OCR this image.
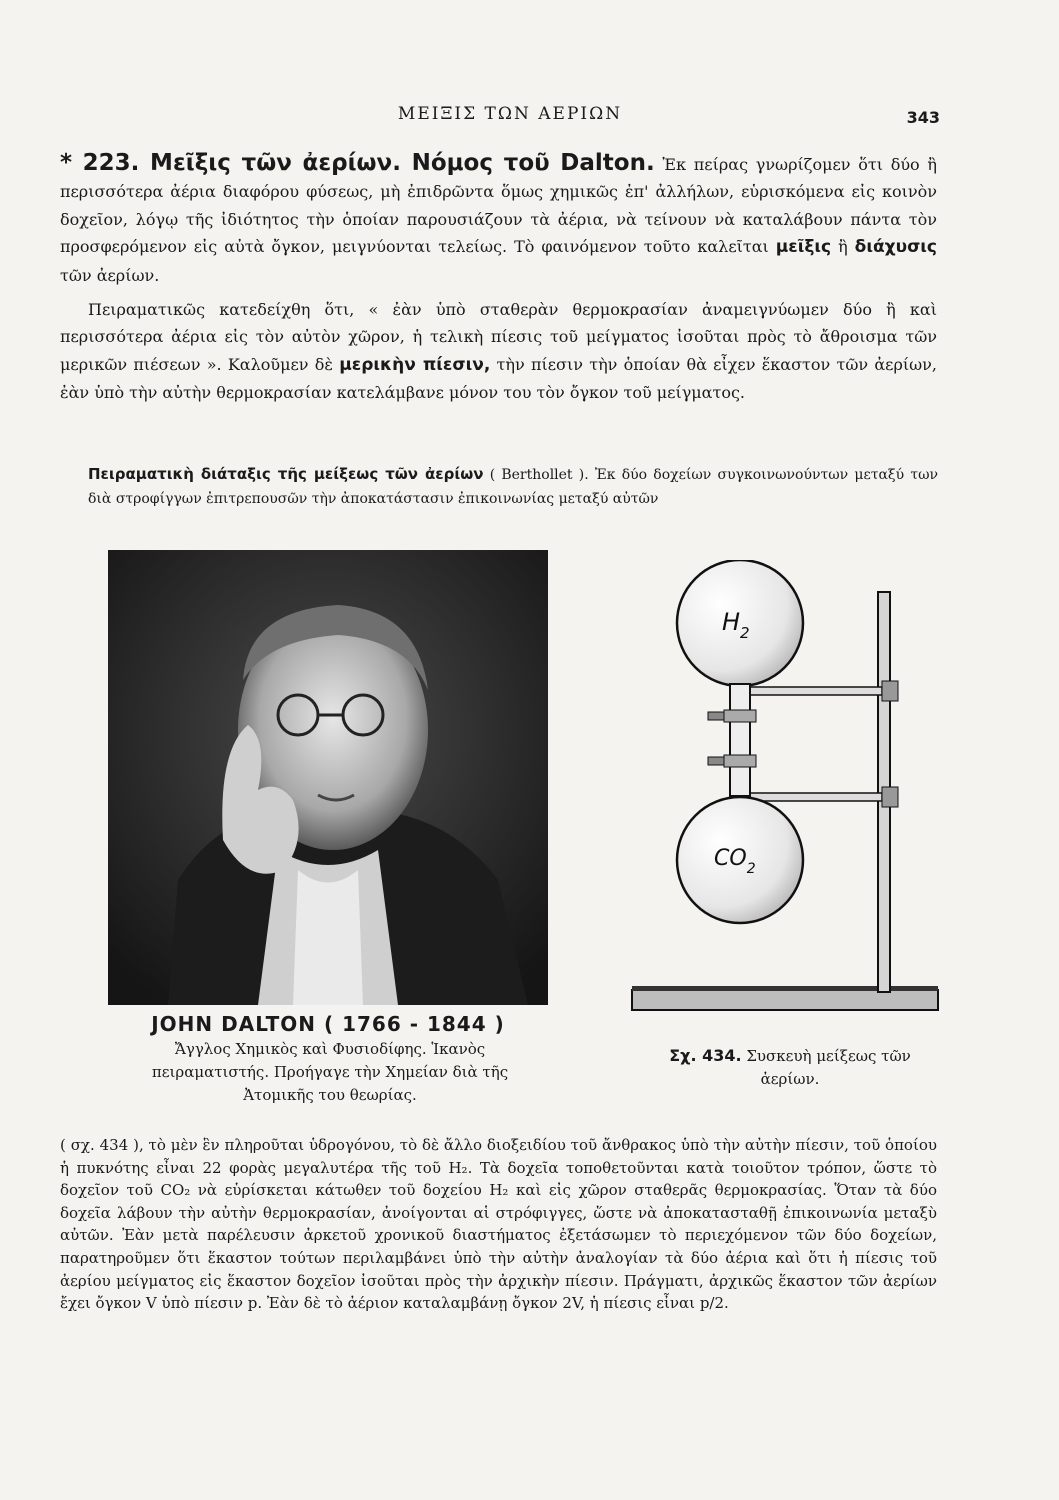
ΜΕΙΞΙΣ ΤΩΝ ΑΕΡΙΩΝ	343
* 223. Μεῖξις τῶν ἀερίων. Νόμος τοῦ Dalton. Ἐκ πείρας γνωρίζομεν ὅτι δύο ἢ περισσότερα ἀέρια διαφόρου φύσεως, μὴ ἐπιδρῶντα ὅμως χημικῶς ἐπ' ἀλλήλων, εὑρισκόμενα εἰς κοινὸν δοχεῖον, λόγῳ τῆς ἰδιότητος τὴν ὁποίαν παρουσιάζουν τὰ ἀέρια, νὰ τείνουν νὰ καταλάβουν πάντα τὸν προσφερόμενον εἰς αὐτὰ ὄγκον, μειγνύονται τελείως. Τὸ φαινόμενον τοῦτο καλεῖται μεῖξις ἢ διάχυσις τῶν ἀερίων.
Πειραματικῶς κατεδείχθη ὅτι, « ἐὰν ὑπὸ σταθερὰν θερμοκρασίαν ἀναμειγνύωμεν δύο ἢ καὶ περισσότερα ἀέρια εἰς τὸν αὐτὸν χῶρον, ἡ τελικὴ πίεσις τοῦ μείγματος ἰσοῦται πρὸς τὸ ἄθροισμα τῶν μερικῶν πιέσεων ». Καλοῦμεν δὲ μερικὴν πίεσιν, τὴν πίεσιν τὴν ὁποίαν θὰ εἶχεν ἕκαστον τῶν ἀερίων, ἐὰν ὑπὸ τὴν αὐτὴν θερμοκρασίαν κατελάμβανε μόνον του τὸν ὄγκον τοῦ μείγματος.
Πειραματικὴ διάταξις τῆς μείξεως τῶν ἀερίων ( Berthollet ). Ἐκ δύο δοχείων συγκοινωνούντων μεταξύ των διὰ στροφίγγων ἐπιτρεπουσῶν τὴν ἀποκατάστασιν ἐπικοινωνίας μεταξύ αὐτῶν
JOHN DALTON ( 1766 - 1844 )
Ἄγγλος Χημικὸς καὶ Φυσιοδίφης. Ἱκανὸς πειραματιστής. Προήγαγε τὴν Χημείαν διὰ τῆς Ἀτομικῆς του θεωρίας.
$H_2$
$CO_2$
Σχ. 434. Συσκευὴ μείξεως τῶν ἀερίων.
( σχ. 434 ), τὸ μὲν ἓν πληροῦται ὑδρογόνου, τὸ δὲ ἄλλο διοξειδίου τοῦ ἄνθρακος ὑπὸ τὴν αὐτὴν πίεσιν, τοῦ ὁποίου ἡ πυκνότης εἶναι 22 φορὰς μεγαλυτέρα τῆς τοῦ H₂. Τὰ δοχεῖα τοποθετοῦνται κατὰ τοιοῦτον τρόπον, ὥστε τὸ δοχεῖον τοῦ CO₂ νὰ εὑρίσκεται κάτωθεν τοῦ δοχείου H₂ καὶ εἰς χῶρον σταθερᾶς θερμοκρασίας. Ὅταν τὰ δύο δοχεῖα λάβουν τὴν αὐτὴν θερμοκρασίαν, ἀνοίγονται αἱ στρόφιγγες, ὥστε νὰ ἀποκατασταθῇ ἐπικοινωνία μεταξὺ αὐτῶν. Ἐὰν μετὰ παρέλευσιν ἀρκετοῦ χρονικοῦ διαστήματος ἐξετάσωμεν τὸ περιεχόμενον τῶν δύο δοχείων, παρατηροῦμεν ὅτι ἕκαστον τούτων περιλαμβάνει ὑπὸ τὴν αὐτὴν ἀναλογίαν τὰ δύο ἀέρια καὶ ὅτι ἡ πίεσις τοῦ ἀερίου μείγματος εἰς ἕκαστον δοχεῖον ἰσοῦται πρὸς τὴν ἀρχικὴν πίεσιν. Πράγματι, ἀρχικῶς ἕκαστον τῶν ἀερίων ἔχει ὄγκον V ὑπὸ πίεσιν p. Ἐὰν δὲ τὸ ἀέριον καταλαμβάνῃ ὄγκον 2V, ἡ πίεσις εἶναι p/2.
